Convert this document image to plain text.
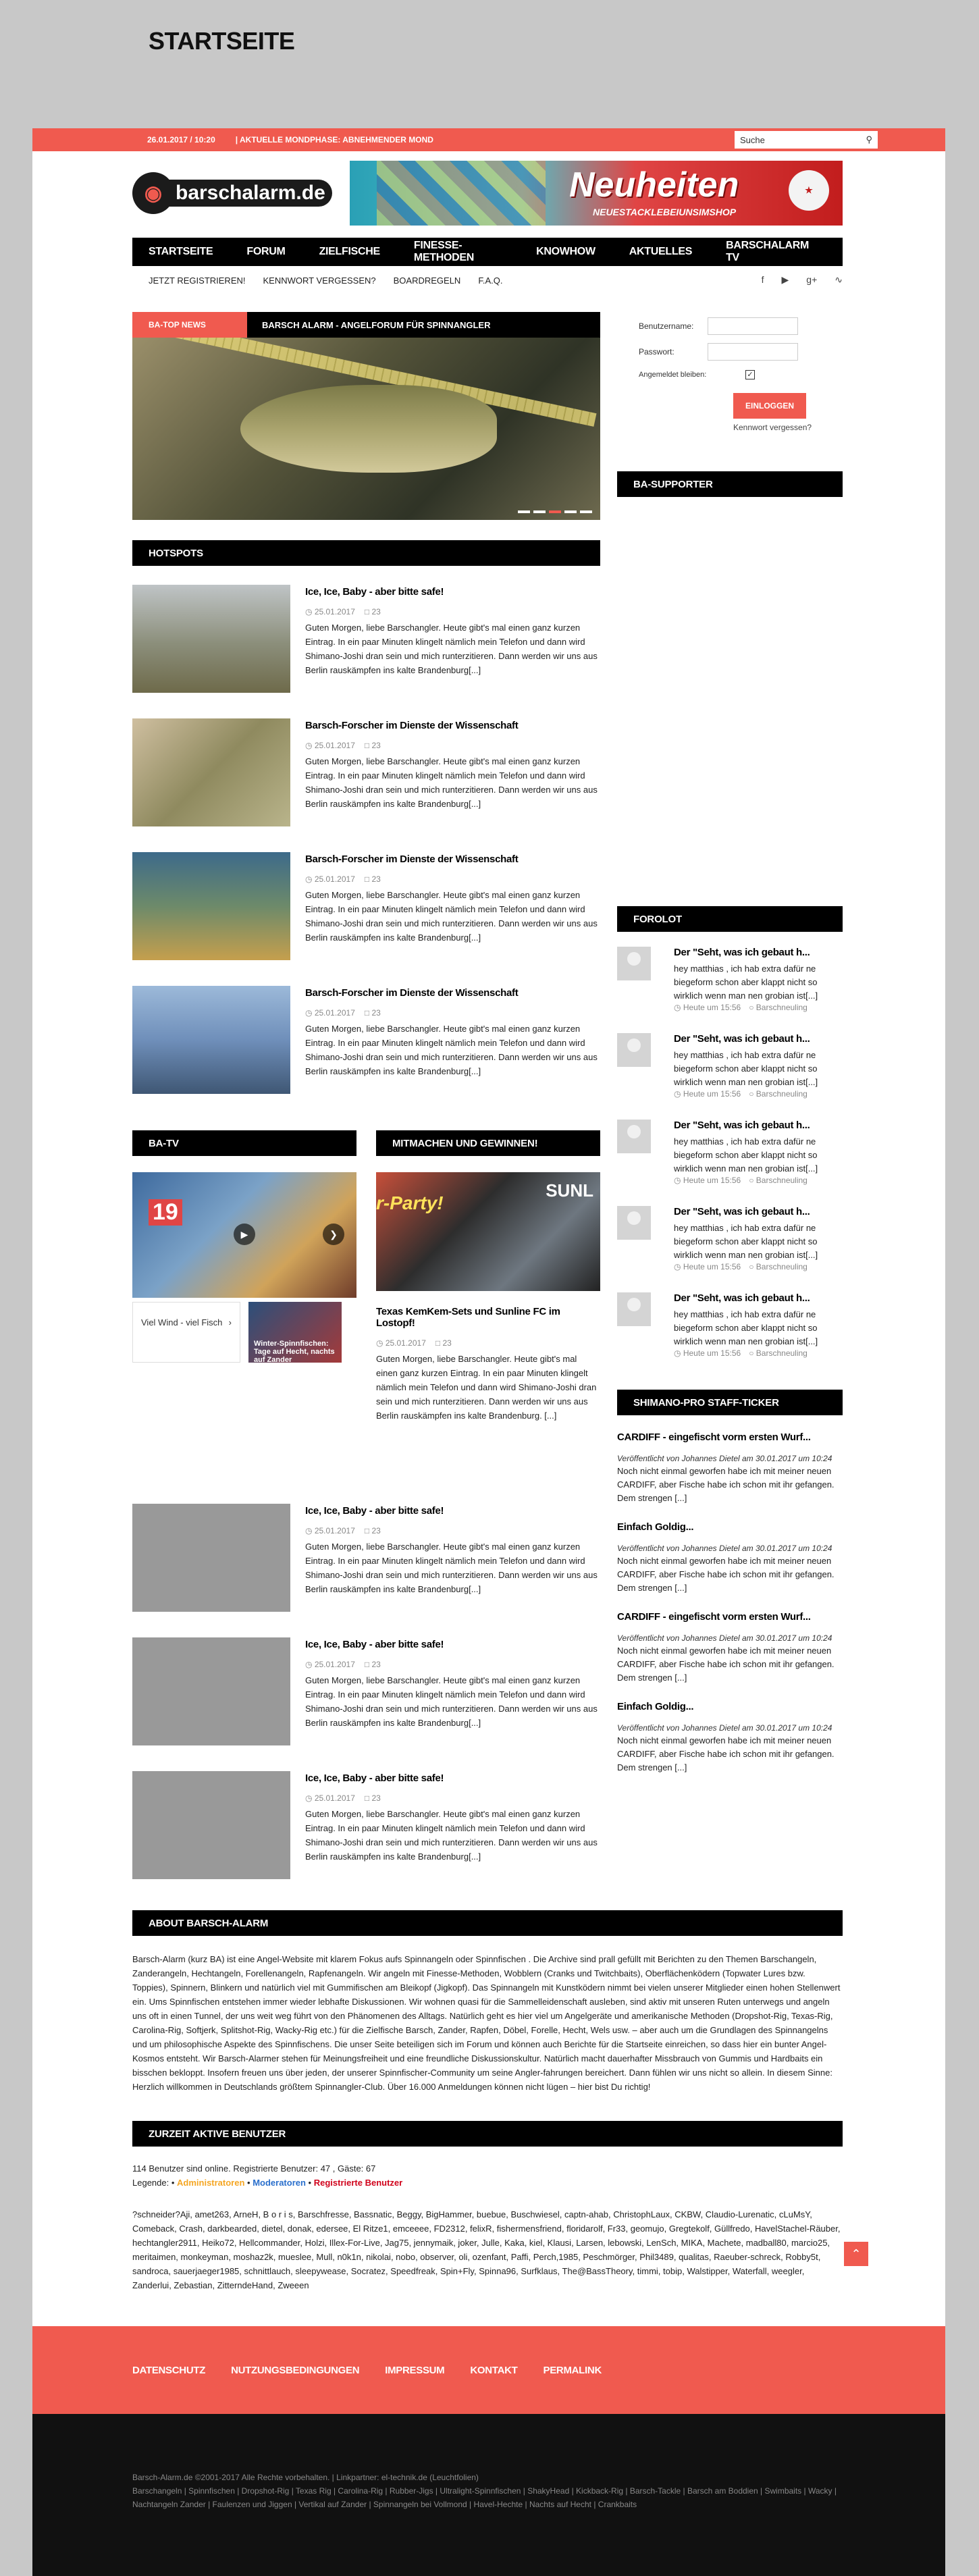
STARTSEITE
26.01.2017 / 10:20	| AKTUELLE MONDPHASE: ABNEHMENDER MOND	Suche	⚲
◉ barschalarm.de	Neuheiten
NEUESTACKLEBEIUNSIMSHOP
★
STARTSEITE	FORUM	ZIELFISCHE
FINESSE-METHODEN
KNOWHOW	AKTUELLES
BARSCHALARM TV
JETZT REGISTRIEREN! KENNWORT VERGESSEN? BOARDREGELN F.A.Q.	f ▶ g+ ∿
BA-TOP NEWS	BARSCH ALARM - ANGELFORUM FÜR SPINNANGLER
HOTSPOTS
Ice, Ice, Baby - aber bitte safe!
◷ 25.01.2017 □ 23
Guten Morgen, liebe Barschangler. Heute gibt's mal einen ganz kurzen Eintrag. In ein paar Minuten klingelt nämlich mein Telefon und dann wird Shimano-Joshi dran sein und mich runterzitieren. Dann werden wir uns aus Berlin rauskämpfen ins kalte Brandenburg[...]
Barsch-Forscher im Dienste der Wissenschaft
◷ 25.01.2017 □ 23
Guten Morgen, liebe Barschangler. Heute gibt's mal einen ganz kurzen Eintrag. In ein paar Minuten klingelt nämlich mein Telefon und dann wird Shimano-Joshi dran sein und mich runterzitieren. Dann werden wir uns aus Berlin rauskämpfen ins kalte Brandenburg[...]
Barsch-Forscher im Dienste der Wissenschaft
◷ 25.01.2017 □ 23
Guten Morgen, liebe Barschangler. Heute gibt's mal einen ganz kurzen Eintrag. In ein paar Minuten klingelt nämlich mein Telefon und dann wird Shimano-Joshi dran sein und mich runterzitieren. Dann werden wir uns aus Berlin rauskämpfen ins kalte Brandenburg[...]
Barsch-Forscher im Dienste der Wissenschaft
◷ 25.01.2017 □ 23
Guten Morgen, liebe Barschangler. Heute gibt's mal einen ganz kurzen Eintrag. In ein paar Minuten klingelt nämlich mein Telefon und dann wird Shimano-Joshi dran sein und mich runterzitieren. Dann werden wir uns aus Berlin rauskämpfen ins kalte Brandenburg[...]
BA-TV
19
▶	❯
Viel Wind - viel Fisch ›
Winter-Spinnfischen: Tage auf Hecht, nachts auf Zander
MITMACHEN UND GEWINNEN!
r-Party!
SUNL
Texas KemKem-Sets und Sunline FC im Lostopf!
◷ 25.01.2017 □ 23
Guten Morgen, liebe Barschangler. Heute gibt's mal einen ganz kurzen Eintrag. In ein paar Minuten klingelt nämlich mein Telefon und dann wird Shimano-Joshi dran sein und mich runterzitieren. Dann werden wir uns aus Berlin rauskämpfen ins kalte Brandenburg. [...]
Ice, Ice, Baby - aber bitte safe!
◷ 25.01.2017 □ 23
Guten Morgen, liebe Barschangler. Heute gibt's mal einen ganz kurzen Eintrag. In ein paar Minuten klingelt nämlich mein Telefon und dann wird Shimano-Joshi dran sein und mich runterzitieren. Dann werden wir uns aus Berlin rauskämpfen ins kalte Brandenburg[...]
Ice, Ice, Baby - aber bitte safe!
◷ 25.01.2017 □ 23
Guten Morgen, liebe Barschangler. Heute gibt's mal einen ganz kurzen Eintrag. In ein paar Minuten klingelt nämlich mein Telefon und dann wird Shimano-Joshi dran sein und mich runterzitieren. Dann werden wir uns aus Berlin rauskämpfen ins kalte Brandenburg[...]
Ice, Ice, Baby - aber bitte safe!
◷ 25.01.2017 □ 23
Guten Morgen, liebe Barschangler. Heute gibt's mal einen ganz kurzen Eintrag. In ein paar Minuten klingelt nämlich mein Telefon und dann wird Shimano-Joshi dran sein und mich runterzitieren. Dann werden wir uns aus Berlin rauskämpfen ins kalte Brandenburg[...]
Benutzername:
Passwort:
Angemeldet bleiben:	✓
EINLOGGEN
Kennwort vergessen?
BA-SUPPORTER
FOROLOT
Der "Seht, was ich gebaut h...
hey matthias , ich hab extra dafür ne biegeform schon aber klappt nicht so wirklich wenn man nen grobian ist[...]
◷ Heute um 15:56 ○ Barschneuling
Der "Seht, was ich gebaut h...
hey matthias , ich hab extra dafür ne biegeform schon aber klappt nicht so wirklich wenn man nen grobian ist[...]
◷ Heute um 15:56 ○ Barschneuling
Der "Seht, was ich gebaut h...
hey matthias , ich hab extra dafür ne biegeform schon aber klappt nicht so wirklich wenn man nen grobian ist[...]
◷ Heute um 15:56 ○ Barschneuling
Der "Seht, was ich gebaut h...
hey matthias , ich hab extra dafür ne biegeform schon aber klappt nicht so wirklich wenn man nen grobian ist[...]
◷ Heute um 15:56 ○ Barschneuling
Der "Seht, was ich gebaut h...
hey matthias , ich hab extra dafür ne biegeform schon aber klappt nicht so wirklich wenn man nen grobian ist[...]
◷ Heute um 15:56 ○ Barschneuling
SHIMANO-PRO STAFF-TICKER
CARDIFF - eingefischt vorm ersten Wurf...
Veröffentlicht von Johannes Dietel am 30.01.2017 um 10:24
Noch nicht einmal geworfen habe ich mit meiner neuen CARDIFF, aber Fische habe ich schon mit ihr gefangen. Dem strengen [...]
Einfach Goldig...
Veröffentlicht von Johannes Dietel am 30.01.2017 um 10:24
Noch nicht einmal geworfen habe ich mit meiner neuen CARDIFF, aber Fische habe ich schon mit ihr gefangen. Dem strengen [...]
CARDIFF - eingefischt vorm ersten Wurf...
Veröffentlicht von Johannes Dietel am 30.01.2017 um 10:24
Noch nicht einmal geworfen habe ich mit meiner neuen CARDIFF, aber Fische habe ich schon mit ihr gefangen. Dem strengen [...]
Einfach Goldig...
Veröffentlicht von Johannes Dietel am 30.01.2017 um 10:24
Noch nicht einmal geworfen habe ich mit meiner neuen CARDIFF, aber Fische habe ich schon mit ihr gefangen. Dem strengen [...]
ABOUT BARSCH-ALARM
Barsch-Alarm (kurz BA) ist eine Angel-Website mit klarem Fokus aufs Spinnangeln oder Spinnfischen . Die Archive sind prall gefüllt mit Berichten zu den Themen Barschangeln, Zanderangeln, Hechtangeln, Forellenangeln, Rapfenangeln. Wir angeln mit Finesse-Methoden, Wobblern (Cranks und Twitchbaits), Oberflächenködern (Topwater Lures bzw. Toppies), Spinnern, Blinkern und natürlich viel mit Gummifischen am Bleikopf (Jigkopf). Das Spinnangeln mit Kunstködern nimmt bei vielen unserer Mitglieder einen hohen Stellenwert ein. Ums Spinnfischen entstehen immer wieder lebhafte Diskussionen. Wir wohnen quasi für die Sammelleidenschaft ausleben, sind aktiv mit unseren Ruten unterwegs und angeln uns oft in einen Tunnel, der uns weit weg führt von den Phänomenen des Alltags. Natürlich geht es hier viel um Angelgeräte und amerikanische Methoden (Dropshot-Rig, Texas-Rig, Carolina-Rig, Softjerk, Splitshot-Rig, Wacky-Rig etc.) für die Zielfische Barsch, Zander, Rapfen, Döbel, Forelle, Hecht, Wels usw. – aber auch um die Grundlagen des Spinnangelns und um philosophische Aspekte des Spinnfischens. Die unser Seite beteiligen sich im Forum und können auch Berichte für die Startseite einreichen, so dass hier ein bunter Angel-Kosmos entsteht. Wir Barsch-Alarmer stehen für Meinungsfreiheit und eine freundliche Diskussionskultur. Natürlich macht dauerhafter Missbrauch von Gummis und Hardbaits ein bisschen bekloppt. Insofern freuen uns über jeden, der unserer Spinnfischer-Community um seine Angler-fahrungen bereichert. Dann fühlen wir uns nicht so allein. In diesem Sinne: Herzlich willkommen in Deutschlands größtem Spinnangler-Club. Über 16.000 Anmeldungen können nicht lügen – hier bist Du richtig!
ZURZEIT AKTIVE BENUTZER
114 Benutzer sind online. Registrierte Benutzer: 47 , Gäste: 67
Legende: • Administratoren • Moderatoren • Registrierte Benutzer
?schneider?Aji, amet263, ArneH, B o r i s, Barschfresse, Bassnatic, Beggy, BigHammer, buebue, Buschwiesel, captn-ahab, ChristophLaux, CKBW, Claudio-Lurenatic, cLuMsY, Comeback, Crash, darkbearded, dietel, donak, edersee, El Ritze1, emceeee, FD2312, felixR, fishermensfriend, floridarolf, Fr33, geomujo, Gregtekolf, Güllfredo, HavelStachel-Räuber, hechtangler2911, Heiko72, Hellcommander, Holzi, Illex-For-Live, Jag75, jennymaik, joker, Julle, Kaka, kiel, Klausi, Larsen, lebowski, LenSch, MIKA, Machete, madball80, marcio25, meritaimen, monkeyman, moshaz2k, mueslee, Mull, n0k1n, nikolai, nobo, observer, oli, ozenfant, Paffi, Perch,1985, Peschmörger, Phil3489, qualitas, Raeuber-schreck, Robby5t, sandroca, sauerjaeger1985, schnittlauch, sleepywease, Socratez, Speedfreak, Spin+Fly, Spinna96, Surfklaus, The@BassTheory, timmi, tobip, Walstipper, Waterfall, weegler, Zanderlui, Zebastian, ZitterndeHand, Zweeen
DATENSCHUTZ	NUTZUNGSBEDINGUNGEN	IMPRESSUM	KONTAKT	PERMALINK
Barsch-Alarm.de ©2001-2017 Alle Rechte vorbehalten. | Linkpartner: el-technik.de (Leuchtfolien)
Barschangeln | Spinnfischen | Dropshot-Rig | Texas Rig | Carolina-Rig | Rubber-Jigs | Ultralight-Spinnfischen | ShakyHead | Kickback-Rig | Barsch-Tackle | Barsch am Boddien | Swimbaits | Wacky | Nachtangeln Zander | Faulenzen und Jiggen | Vertikal auf Zander | Spinnangeln bei Vollmond | Havel-Hechte | Nachts auf Hecht | Crankbaits
⌃
